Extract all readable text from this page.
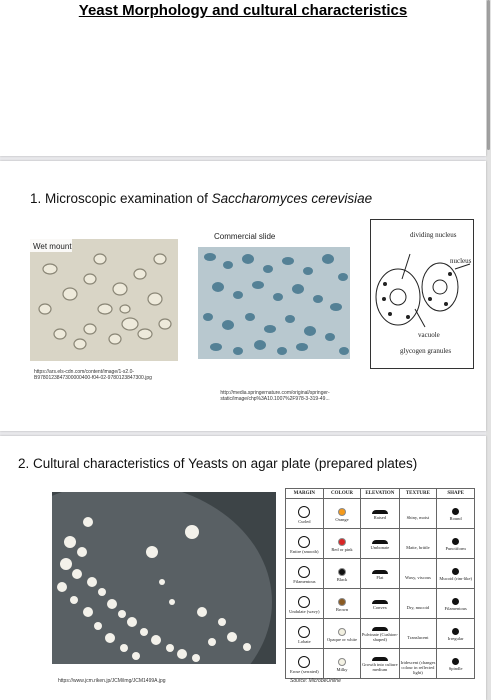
Yeast Morphology and cultural characteristics
1. Microscopic examination of Saccharomyces cerevisiae
Wet mount
https://ars.els-cdn.com/content/image/1-s2.0-B9780123847300000400-f04-02-9780123847300.jpg
Commercial slide
http://media.springernature.com/original/springer-static/image/chp%3A10.1007%2F978-3-319-49...
dividing nucleus
nucleus
vacuole
glycogen granules
2. Cultural characteristics of Yeasts on agar plate (prepared plates)
https://www.jcm.riken.jp/JCM/img/JCM1499A.jpg
MARGIN	COLOUR	ELEVATION	TEXTURE	SHAPE

Curled	Orange	Raised	Shiny, moist	Round

Entire (smooth)	Red or pink	Umbonate	Matte, brittle	Punctiform

Filamentous	Black	Flat	Waxy, viscous	Mucoid (rim-like)

Undulate (wavy)	Brown	Convex	Dry, mucoid	Filamentous

Lobate	Opaque or white	Pulvinate (Cushion-shaped)	Translucent	Irregular

Erose (serrated)	Milky	Growth into culture medium	Iridescent (changes colour in reflected light)	Spindle
Source: MicrobeOnline
